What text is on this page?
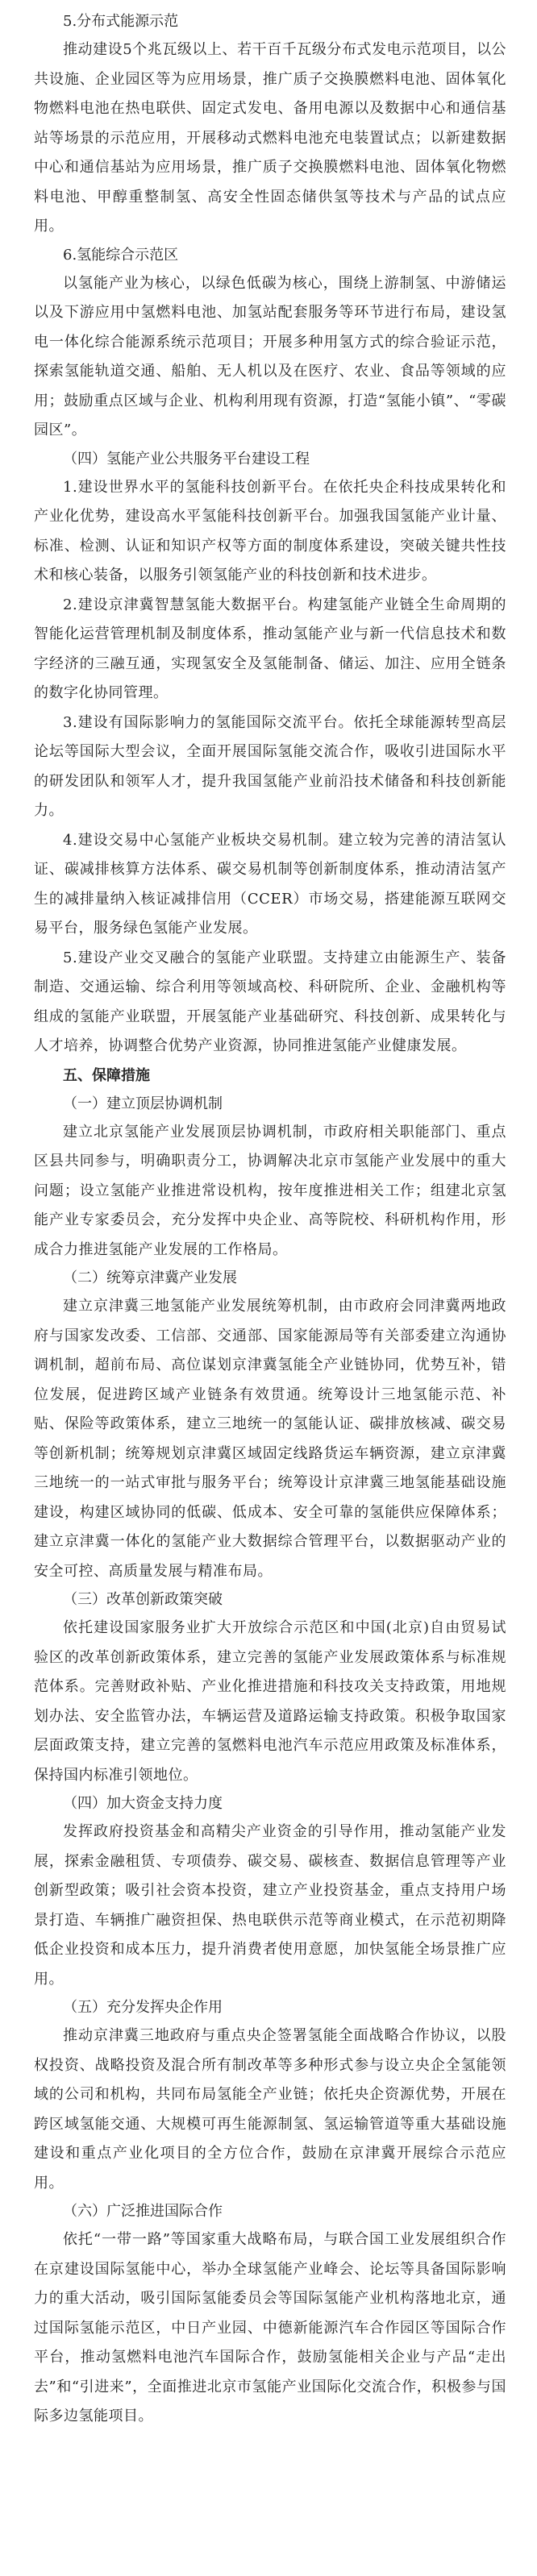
5.分布式能源示范

推动建设5个兆瓦级以上、若干百千瓦级分布式发电示范项目，以公共设施、企业园区等为应用场景，推广质子交换膜燃料电池、固体氧化物燃料电池在热电联供、固定式发电、备用电源以及数据中心和通信基站等场景的示范应用，开展移动式燃料电池充电装置试点；以新建数据中心和通信基站为应用场景，推广质子交换膜燃料电池、固体氧化物燃料电池、甲醇重整制氢、高安全性固态储供氢等技术与产品的试点应用。

6.氢能综合示范区

以氢能产业为核心，以绿色低碳为核心，围绕上游制氢、中游储运以及下游应用中氢燃料电池、加氢站配套服务等环节进行布局，建设氢电一体化综合能源系统示范项目；开展多种用氢方式的综合验证示范，探索氢能轨道交通、船舶、无人机以及在医疗、农业、食品等领域的应用；鼓励重点区域与企业、机构利用现有资源，打造“氢能小镇”、“零碳园区”。

（四）氢能产业公共服务平台建设工程

1.建设世界水平的氢能科技创新平台。在依托央企科技成果转化和产业化优势，建设高水平氢能科技创新平台。加强我国氢能产业计量、标准、检测、认证和知识产权等方面的制度体系建设，突破关键共性技术和核心装备，以服务引领氢能产业的科技创新和技术进步。

2.建设京津冀智慧氢能大数据平台。构建氢能产业链全生命周期的智能化运营管理机制及制度体系，推动氢能产业与新一代信息技术和数字经济的三融互通，实现氢安全及氢能制备、储运、加注、应用全链条的数字化协同管理。

3.建设有国际影响力的氢能国际交流平台。依托全球能源转型高层论坛等国际大型会议，全面开展国际氢能交流合作，吸收引进国际水平的研发团队和领军人才，提升我国氢能产业前沿技术储备和科技创新能力。

4.建设交易中心氢能产业板块交易机制。建立较为完善的清洁氢认证、碳减排核算方法体系、碳交易机制等创新制度体系，推动清洁氢产生的减排量纳入核证减排信用（CCER）市场交易，搭建能源互联网交易平台，服务绿色氢能产业发展。

5.建设产业交叉融合的氢能产业联盟。支持建立由能源生产、装备制造、交通运输、综合利用等领域高校、科研院所、企业、金融机构等组成的氢能产业联盟，开展氢能产业基础研究、科技创新、成果转化与人才培养，协调整合优势产业资源，协同推进氢能产业健康发展。

五、保障措施
（一）建立顶层协调机制

建立北京氢能产业发展顶层协调机制，市政府相关职能部门、重点区县共同参与，明确职责分工，协调解决北京市氢能产业发展中的重大问题；设立氢能产业推进常设机构，按年度推进相关工作；组建北京氢能产业专家委员会，充分发挥中央企业、高等院校、科研机构作用，形成合力推进氢能产业发展的工作格局。

（二）统筹京津冀产业发展

建立京津冀三地氢能产业发展统筹机制，由市政府会同津冀两地政府与国家发改委、工信部、交通部、国家能源局等有关部委建立沟通协调机制，超前布局、高位谋划京津冀氢能全产业链协同，优势互补，错位发展，促进跨区域产业链条有效贯通。统筹设计三地氢能示范、补贴、保险等政策体系，建立三地统一的氢能认证、碳排放核减、碳交易等创新机制；统筹规划京津冀区域固定线路货运车辆资源，建立京津冀三地统一的一站式审批与服务平台；统筹设计京津冀三地氢能基础设施建设，构建区域协同的低碳、低成本、安全可靠的氢能供应保障体系；建立京津冀一体化的氢能产业大数据综合管理平台，以数据驱动产业的安全可控、高质量发展与精准布局。

（三）改革创新政策突破

依托建设国家服务业扩大开放综合示范区和中国(北京)自由贸易试验区的改革创新政策体系，建立完善的氢能产业发展政策体系与标准规范体系。完善财政补贴、产业化推进措施和科技攻关支持政策，用地规划办法、安全监管办法，车辆运营及道路运输支持政策。积极争取国家层面政策支持，建立完善的氢燃料电池汽车示范应用政策及标准体系，保持国内标准引领地位。

（四）加大资金支持力度

发挥政府投资基金和高精尖产业资金的引导作用，推动氢能产业发展，探索金融租赁、专项债券、碳交易、碳核查、数据信息管理等产业创新型政策；吸引社会资本投资，建立产业投资基金，重点支持用户场景打造、车辆推广融资担保、热电联供示范等商业模式，在示范初期降低企业投资和成本压力，提升消费者使用意愿，加快氢能全场景推广应用。

（五）充分发挥央企作用

推动京津冀三地政府与重点央企签署氢能全面战略合作协议，以股权投资、战略投资及混合所有制改革等多种形式参与设立央企全氢能领域的公司和机构，共同布局氢能全产业链；依托央企资源优势，开展在跨区域氢能交通、大规模可再生能源制氢、氢运输管道等重大基础设施建设和重点产业化项目的全方位合作，鼓励在京津冀开展综合示范应用。

（六）广泛推进国际合作

依托“一带一路”等国家重大战略布局，与联合国工业发展组织合作在京建设国际氢能中心，举办全球氢能产业峰会、论坛等具备国际影响力的重大活动，吸引国际氢能委员会等国际氢能产业机构落地北京，通过国际氢能示范区，中日产业园、中德新能源汽车合作园区等国际合作平台，推动氢燃料电池汽车国际合作，鼓励氢能相关企业与产品“走出去”和“引进来”，全面推进北京市氢能产业国际化交流合作，积极参与国际多边氢能项目。
